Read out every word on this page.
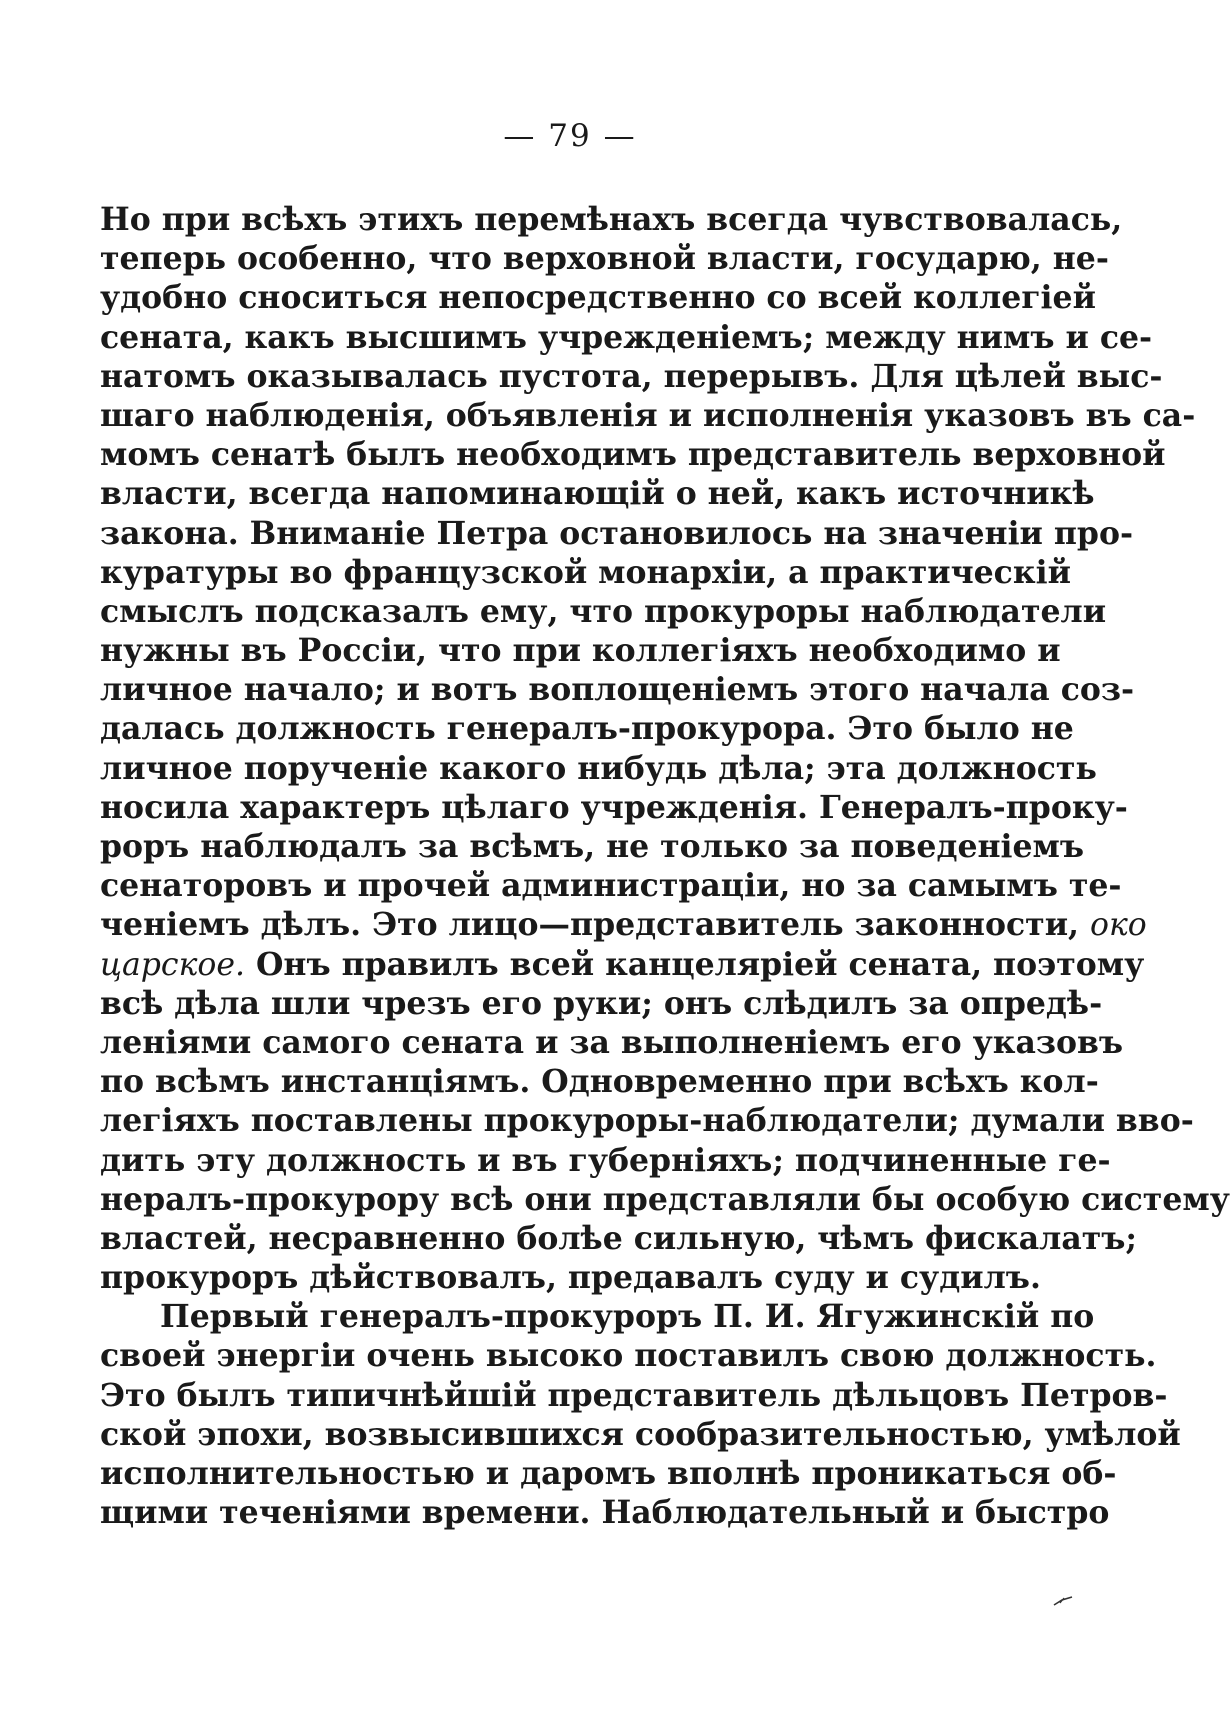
— 79 —
Но при всѣхъ этихъ перемѣнахъ всегда чувствовалась,
теперь особенно, что верховной власти, государю, не-
удобно сноситься непосредственно со всей коллегiей
сената, какъ высшимъ учрежденiемъ; между нимъ и се-
натомъ оказывалась пустота, перерывъ. Для цѣлей выс-
шаго наблюденiя, объявленiя и исполненiя указовъ въ са-
момъ сенатѣ былъ необходимъ представитель верховной
власти, всегда напоминающiй о ней, какъ источникѣ
закона. Вниманiе Петра остановилось на значенiи про-
куратуры во французской монархiи, а практическiй
смыслъ подсказалъ ему, что прокуроры наблюдатели
нужны въ Россiи, что при коллегiяхъ необходимо и
личное начало; и вотъ воплощенiемъ этого начала соз-
далась должность генералъ-прокурора. Это было не
личное порученiе какого нибудь дѣла; эта должность
носила характеръ цѣлаго учрежденiя. Генералъ-проку-
роръ наблюдалъ за всѣмъ, не только за поведенiемъ
сенаторовъ и прочей администрацiи, но за самымъ те-
ченiемъ дѣлъ. Это лицо—представитель законности, око
царское. Онъ правилъ всей канцелярiей сената, поэтому
всѣ дѣла шли чрезъ его руки; онъ слѣдилъ за опредѣ-
ленiями самого сената и за выполненiемъ его указовъ
по всѣмъ инстанцiямъ. Одновременно при всѣхъ кол-
легiяхъ поставлены прокуроры-наблюдатели; думали вво-
дить эту должность и въ губернiяхъ; подчиненные ге-
нералъ-прокурору всѣ они представляли бы особую систему
властей, несравненно болѣе сильную, чѣмъ фискалатъ;
прокуроръ дѣйствовалъ, предавалъ суду и судилъ.
Первый генералъ-прокуроръ П. И. Ягужинскiй по
своей энергiи очень высоко поставилъ свою должность.
Это былъ типичнѣйшiй представитель дѣльцовъ Петров-
ской эпохи, возвысившихся сообразительностью, умѣлой
исполнительностью и даромъ вполнѣ проникаться об-
щими теченiями времени. Наблюдательный и быстро
